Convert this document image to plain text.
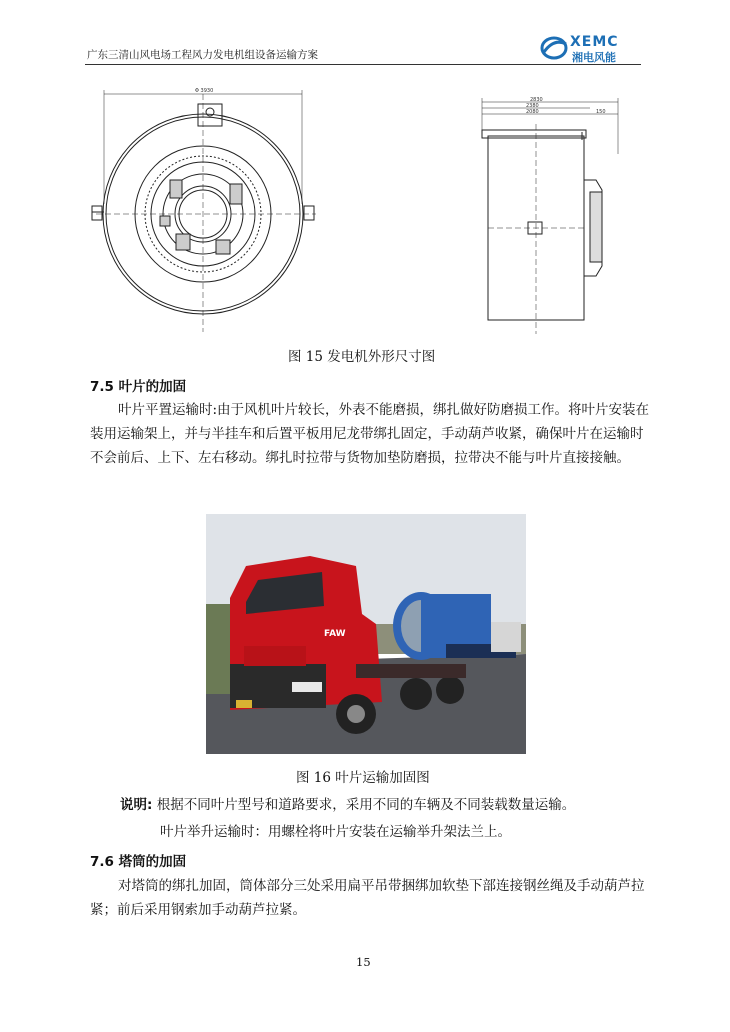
广东三清山风电场工程风力发电机组设备运输方案
XEMC
湘电风能
Φ 3930
2830
2380
2080	150
图 15 发电机外形尺寸图
7.5 叶片的加固
叶片平置运输时:由于风机叶片较长，外表不能磨损，绑扎做好防磨损工作。将叶片安装在装用运输架上，并与半挂车和后置平板用尼龙带绑扎固定，手动葫芦收紧，确保叶片在运输时不会前后、上下、左右移动。绑扎时拉带与货物加垫防磨损，拉带决不能与叶片直接接触。
FAW
图 16 叶片运输加固图
说明: 根据不同叶片型号和道路要求，采用不同的车辆及不同装载数量运输。
叶片举升运输时：用螺栓将叶片安装在运输举升架法兰上。
7.6 塔筒的加固
对塔筒的绑扎加固，筒体部分三处采用扁平吊带捆绑加软垫下部连接钢丝绳及手动葫芦拉紧；前后采用钢索加手动葫芦拉紧。
15
